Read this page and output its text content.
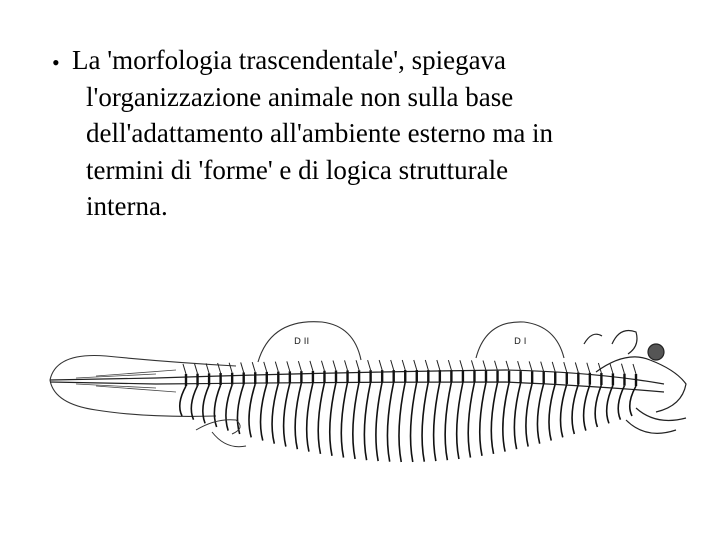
• La 'morfologia trascendentale', spiegava
l'organizzazione animale non sulla base
dell'adattamento all'ambiente esterno ma in
termini di 'forme' e di logica strutturale
interna.
D II	D I
